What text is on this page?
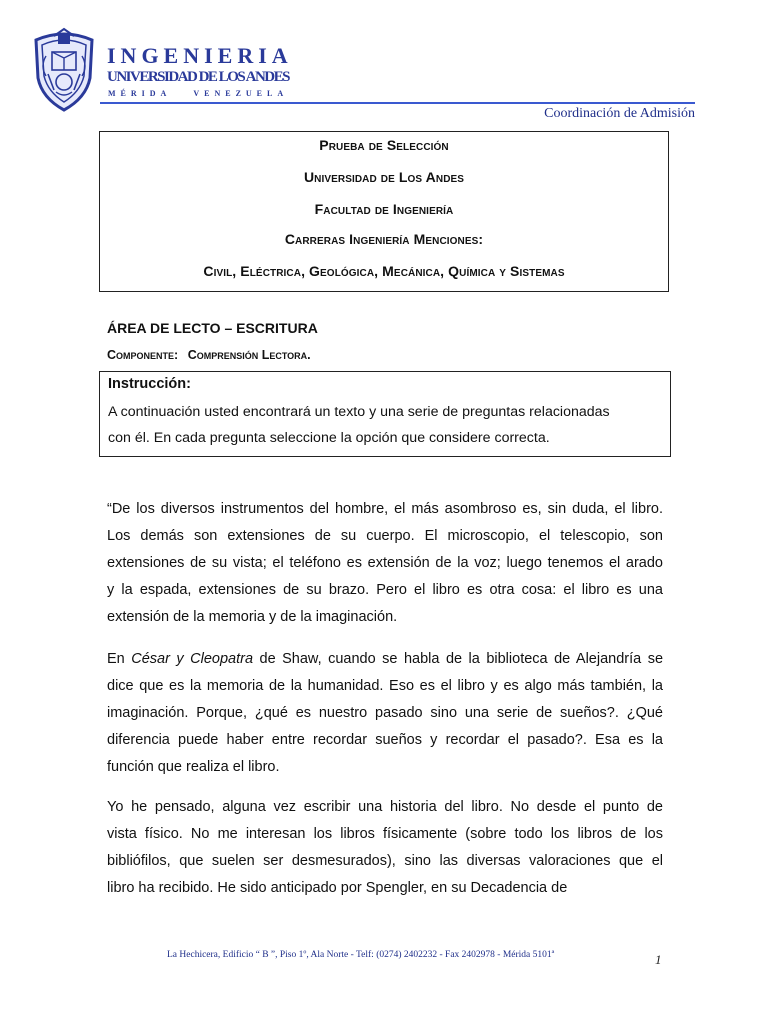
INGENIERIA
UNIVERSIDAD DE LOS ANDES
MÉRIDA	VENEZUELA
Coordinación de Admisión
Prueba de Selección
Universidad de Los Andes
Facultad de Ingeniería
Carreras Ingeniería Menciones:
Civil, Eléctrica, Geológica, Mecánica, Química y Sistemas
ÁREA DE LECTO – ESCRITURA
Componente: Comprensión Lectora.
Instrucción:
A continuación usted encontrará un texto y una serie de preguntas relacionadas
con él. En cada pregunta seleccione la opción que considere correcta.
“De los diversos instrumentos del hombre, el más asombroso es, sin duda, el libro.
Los demás son extensiones de su cuerpo. El microscopio, el telescopio, son
extensiones de su vista; el teléfono es extensión de la voz; luego tenemos el arado
y la espada, extensiones de su brazo. Pero el libro es otra cosa: el libro es una
extensión de la memoria y de la imaginación.
En César y Cleopatra de Shaw, cuando se habla de la biblioteca de Alejandría se
dice que es la memoria de la humanidad. Eso es el libro y es algo más también, la
imaginación. Porque, ¿qué es nuestro pasado sino una serie de sueños?. ¿Qué
diferencia puede haber entre recordar sueños y recordar el pasado?. Esa es la
función que realiza el libro.
Yo he pensado, alguna vez escribir una historia del libro. No desde el punto de
vista físico. No me interesan los libros físicamente (sobre todo los libros de los
bibliófilos, que suelen ser desmesurados), sino las diversas valoraciones que el
libro ha recibido. He sido anticipado por Spengler, en su Decadencia de
La Hechicera, Edificio “ B ”, Piso 1º, Ala Norte - Telf: (0274) 2402232 - Fax 2402978 - Mérida 5101ª	1
